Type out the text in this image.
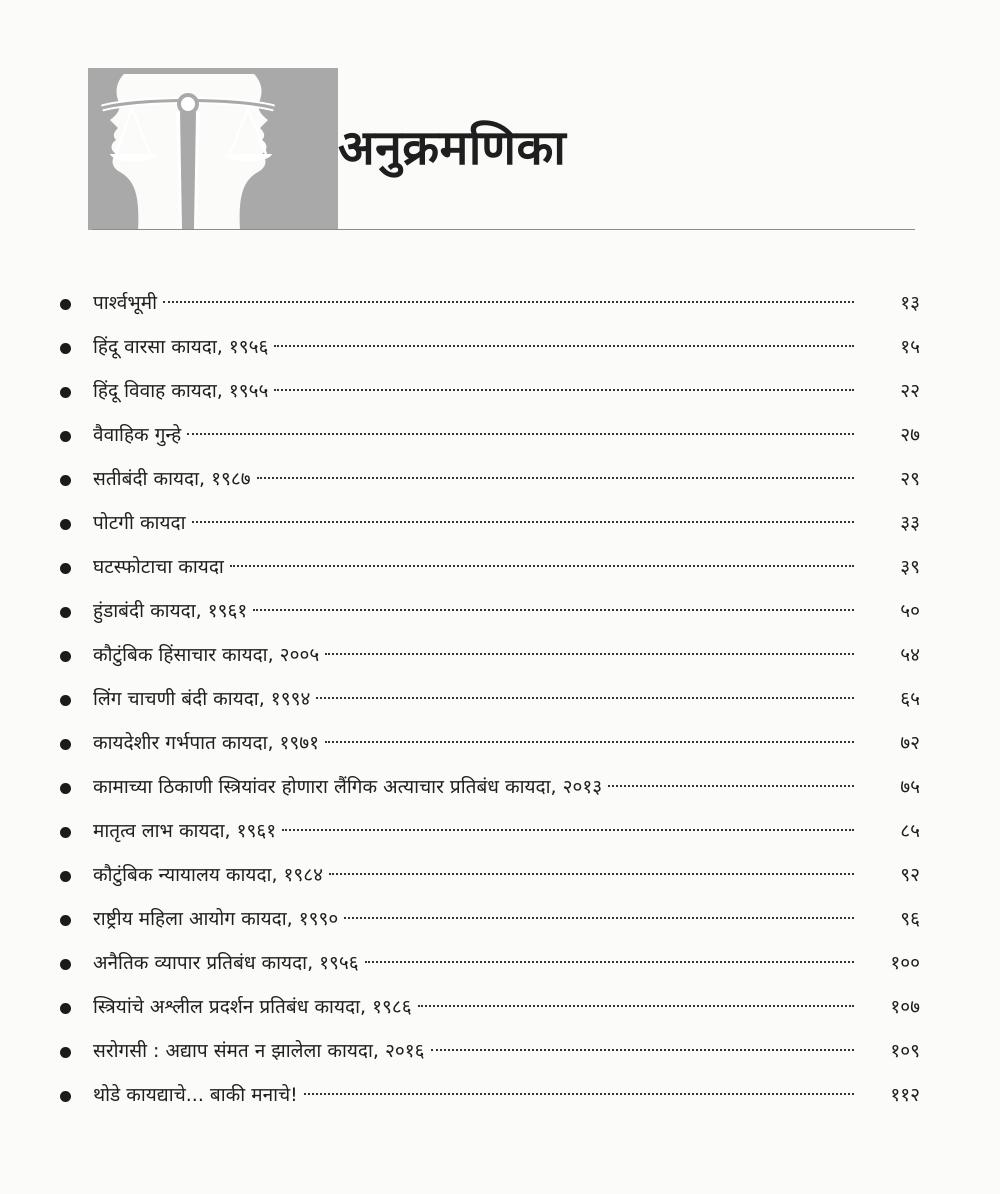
अनुक्रमणिका
पार्श्वभूमी	१३
हिंदू वारसा कायदा, १९५६	१५
हिंदू विवाह कायदा, १९५५	२२
वैवाहिक गुन्हे	२७
सतीबंदी कायदा, १९८७	२९
पोटगी कायदा	३३
घटस्फोटाचा कायदा	३९
हुंडाबंदी कायदा, १९६१	५०
कौटुंबिक हिंसाचार कायदा, २००५	५४
लिंग चाचणी बंदी कायदा, १९९४	६५
कायदेशीर गर्भपात कायदा, १९७१	७२
कामाच्या ठिकाणी स्त्रियांवर होणारा लैंगिक अत्याचार प्रतिबंध कायदा, २०१३	७५
मातृत्व लाभ कायदा, १९६१	८५
कौटुंबिक न्यायालय कायदा, १९८४	९२
राष्ट्रीय महिला आयोग कायदा, १९९०	९६
अनैतिक व्यापार प्रतिबंध कायदा, १९५६	१००
स्त्रियांचे अश्लील प्रदर्शन प्रतिबंध कायदा, १९८६	१०७
सरोगसी : अद्याप संमत न झालेला कायदा, २०१६	१०९
थोडे कायद्याचे... बाकी मनाचे!	११२
